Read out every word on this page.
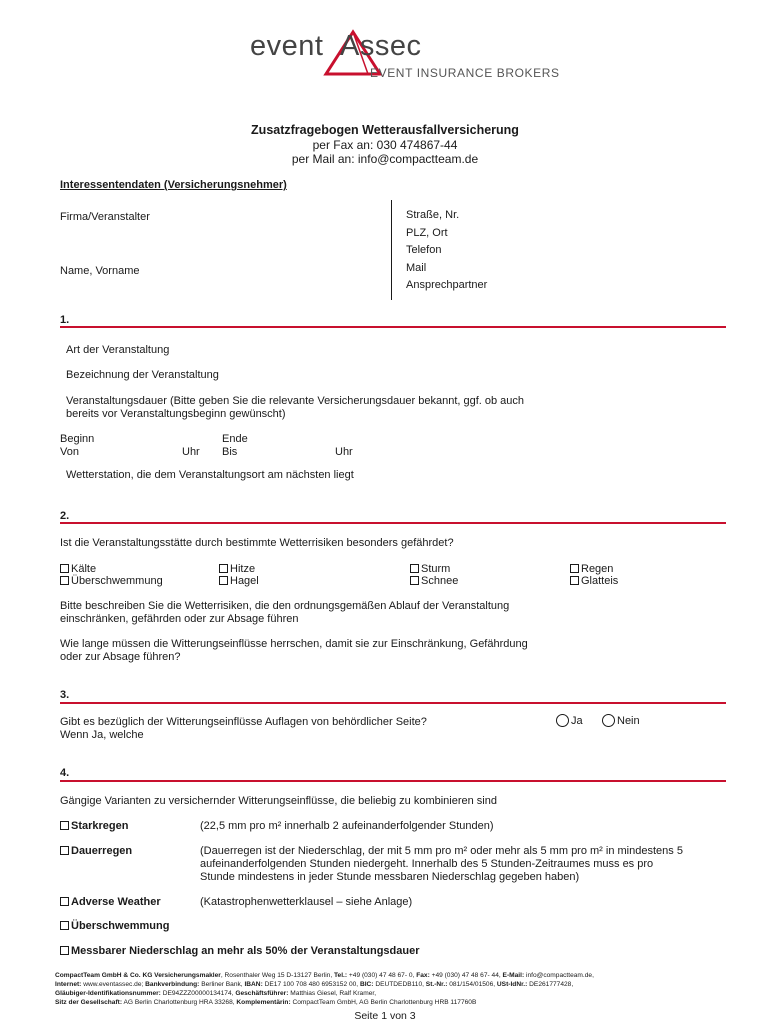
event Assec
EVENT INSURANCE BROKERS
Zusatzfragebogen Wetterausfallversicherung
per Fax an: 030 474867-44
per Mail an: info@compactteam.de
Interessentendaten (Versicherungsnehmer)
Firma/Veranstalter
Name, Vorname
Straße, Nr.
PLZ, Ort
Telefon
Mail
Ansprechpartner
1.
Art der Veranstaltung
Bezeichnung der Veranstaltung
Veranstaltungsdauer (Bitte geben Sie die relevante Versicherungsdauer bekannt, ggf. ob auch
bereits vor Veranstaltungsbeginn gewünscht)
Beginn
Von	Uhr
Ende
Bis	Uhr
Wetterstation, die dem Veranstaltungsort am nächsten liegt
2.
Ist die Veranstaltungsstätte durch bestimmte Wetterrisiken besonders gefährdet?
Kälte
Überschwemmung
Hitze
Hagel
Sturm
Schnee
Regen
Glatteis
Bitte beschreiben Sie die Wetterrisiken, die den ordnungsgemäßen Ablauf der Veranstaltung
einschränken, gefährden oder zur Absage führen
Wie lange müssen die Witterungseinflüsse herrschen, damit sie zur Einschränkung, Gefährdung
oder zur Absage führen?
3.
Gibt es bezüglich der Witterungseinflüsse Auflagen von behördlicher Seite?
Wenn Ja, welche
Ja	Nein
4.
Gängige Varianten zu versichernder Witterungseinflüsse, die beliebig zu kombinieren sind
Starkregen	(22,5 mm pro m² innerhalb 2 aufeinanderfolgender Stunden)
Dauerregen	(Dauerregen ist der Niederschlag, der mit 5 mm pro m² oder mehr als 5 mm pro m² in mindestens 5
aufeinanderfolgenden Stunden niedergeht. Innerhalb des 5 Stunden-Zeitraumes muss es pro
Stunde mindestens in jeder Stunde messbaren Niederschlag gegeben haben)
Adverse Weather	(Katastrophenwetterklausel – siehe Anlage)
Überschwemmung
Messbarer Niederschlag an mehr als 50% der Veranstaltungsdauer
CompactTeam GmbH & Co. KG Versicherungsmakler, Rosenthaler Weg 15 D-13127 Berlin, Tel.: +49 (030) 47 48 67- 0, Fax: +49 (030) 47 48 67- 44, E-Mail: info@compactteam.de,
Internet: www.eventassec.de; Bankverbindung: Berliner Bank, IBAN: DE17 100 708 480 6953152 00, BIC: DEUTDEDB110, St.-Nr.: 081/154/01506, USt-IdNr.: DE261777428,
Gläubiger-Identifikationsnummer: DE94ZZZ00000134174, Geschäftsführer: Matthias Giesel, Ralf Kramer,
Sitz der Gesellschaft: AG Berlin Charlottenburg HRA 33268, Komplementärin: CompactTeam GmbH, AG Berlin Charlottenburg HRB 117760B
Seite 1 von 3
